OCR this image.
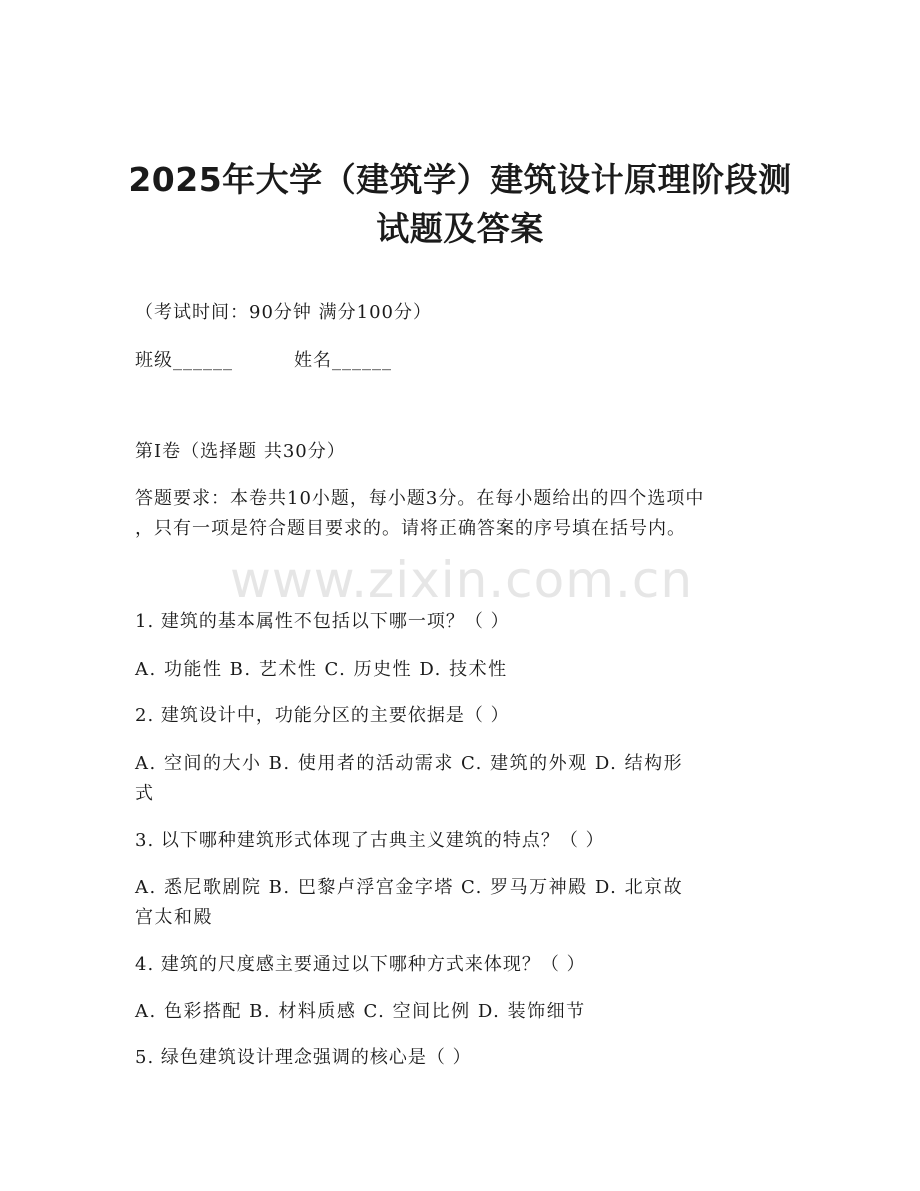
2025年大学（建筑学）建筑设计原理阶段测
试题及答案
（考试时间：90分钟 满分100分）
班级______	姓名______
第I卷（选择题 共30分）
答题要求：本卷共10小题，每小题3分。在每小题给出的四个选项中
，只有一项是符合题目要求的。请将正确答案的序号填在括号内。
www.zixin.com.cn
1. 建筑的基本属性不包括以下哪一项？（ ）
A. 功能性 B. 艺术性 C. 历史性 D. 技术性
2. 建筑设计中，功能分区的主要依据是（ ）
A. 空间的大小 B. 使用者的活动需求 C. 建筑的外观 D. 结构形
式
3. 以下哪种建筑形式体现了古典主义建筑的特点？（ ）
A. 悉尼歌剧院 B. 巴黎卢浮宫金字塔 C. 罗马万神殿 D. 北京故
宫太和殿
4. 建筑的尺度感主要通过以下哪种方式来体现？（ ）
A. 色彩搭配 B. 材料质感 C. 空间比例 D. 装饰细节
5. 绿色建筑设计理念强调的核心是（ ）
